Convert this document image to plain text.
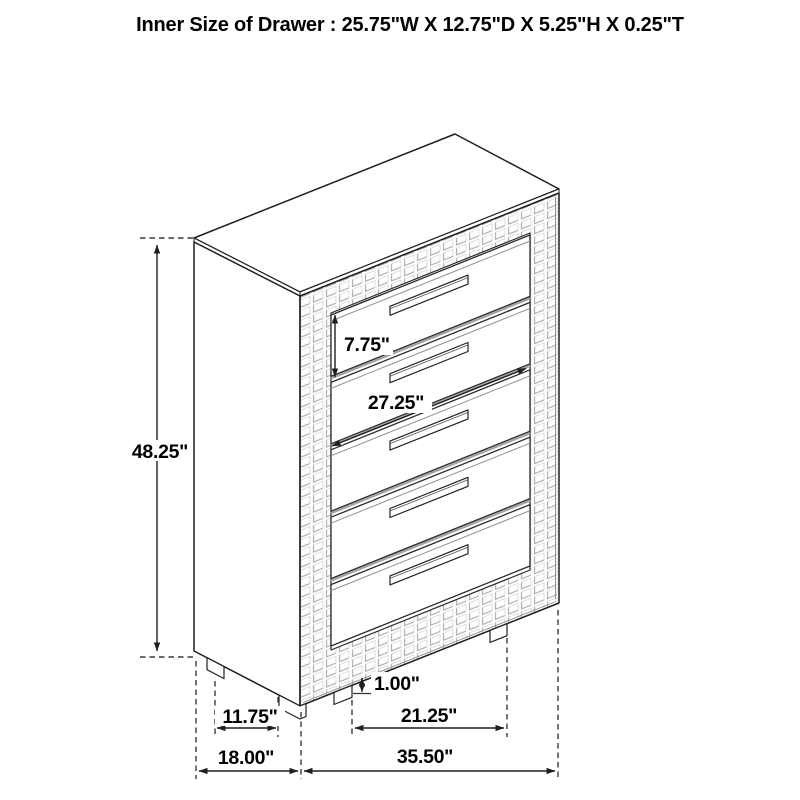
Inner Size of Drawer : 25.75"W X 12.75"D X 5.25"H X 0.25"T
48.25"
7.75"
27.25"
1.00"
11.75"	21.25"
18.00"	35.50"
